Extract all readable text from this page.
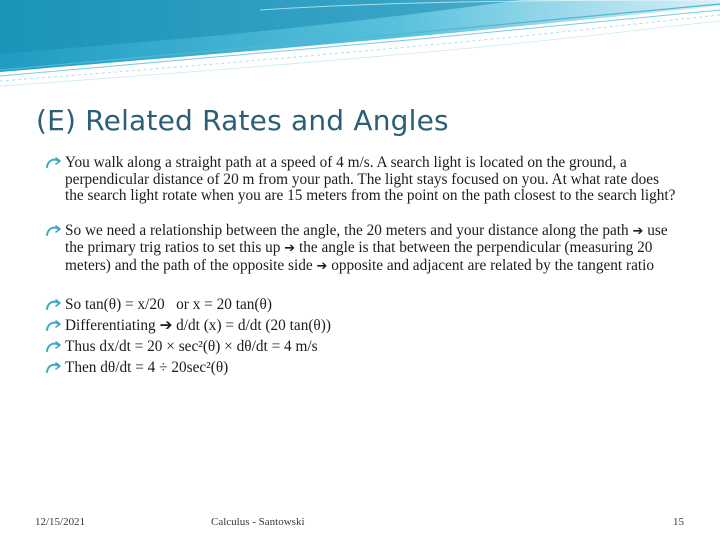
(E) Related Rates and Angles

You walk along a straight path at a speed of 4 m/s. A search light is located on the ground, a perpendicular distance of 20 m from your path. The light stays focused on you. At what rate does the search light rotate when you are 15 meters from the point on the path closest to the search light?

So we need a relationship between the angle, the 20 meters and your distance along the path ➔ use the primary trig ratios to set this up ➔ the angle is that between the perpendicular (measuring 20 meters) and the path of the opposite side ➔ opposite and adjacent are related by the tangent ratio

So tan(θ) = x/20   or x = 20 tan(θ)

Differentiating ➔ d/dt (x) = d/dt (20 tan(θ))

Thus dx/dt = 20 × sec²(θ) × dθ/dt = 4 m/s

Then dθ/dt = 4 ÷ 20sec²(θ)

12/15/2021	Calculus - Santowski	15
